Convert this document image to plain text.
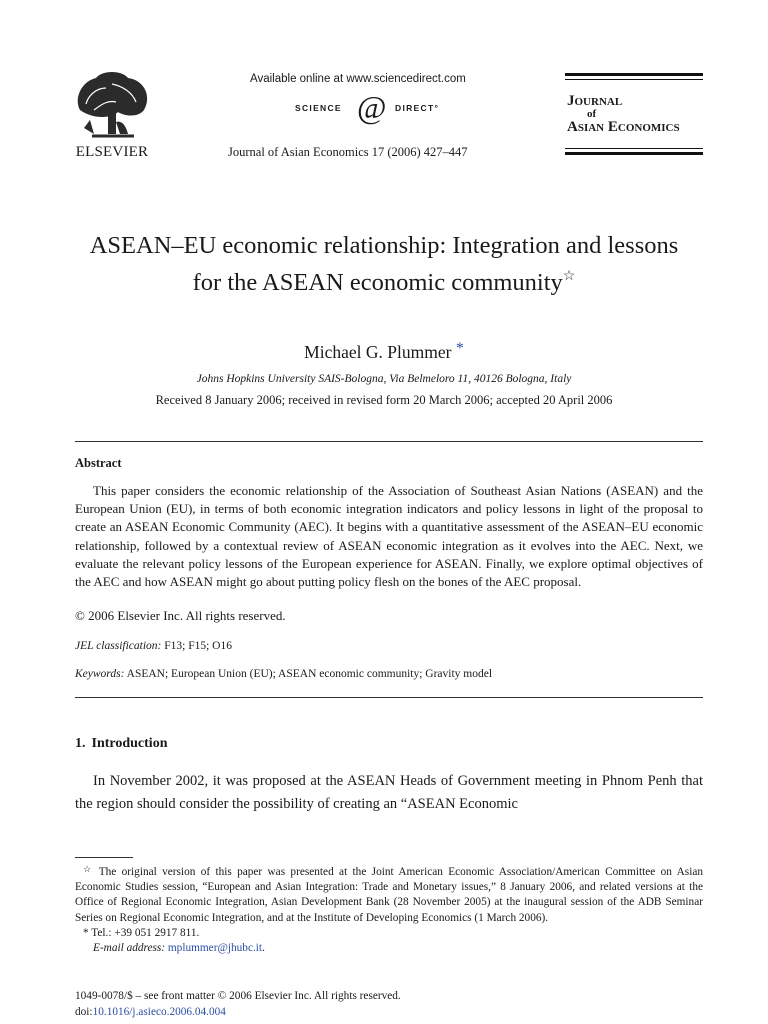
ELSEVIER
Available online at www.sciencedirect.com
SCIENCE @ DIRECT°
Journal of Asian Economics 17 (2006) 427–447
Journal
of
Asian Economics
ASEAN–EU economic relationship: Integration and lessons for the ASEAN economic community☆
Michael G. Plummer *
Johns Hopkins University SAIS-Bologna, Via Belmeloro 11, 40126 Bologna, Italy
Received 8 January 2006; received in revised form 20 March 2006; accepted 20 April 2006
Abstract

This paper considers the economic relationship of the Association of Southeast Asian Nations (ASEAN) and the European Union (EU), in terms of both economic integration indicators and policy lessons in light of the proposal to create an ASEAN Economic Community (AEC). It begins with a quantitative assessment of the ASEAN–EU economic relationship, followed by a contextual review of ASEAN economic integration as it evolves into the AEC. Next, we evaluate the relevant policy lessons of the European experience for ASEAN. Finally, we explore optimal objectives of the AEC and how ASEAN might go about putting policy flesh on the bones of the AEC proposal.

© 2006 Elsevier Inc. All rights reserved.
JEL classification: F13; F15; O16
Keywords: ASEAN; European Union (EU); ASEAN economic community; Gravity model
1. Introduction

In November 2002, it was proposed at the ASEAN Heads of Government meeting in Phnom Penh that the region should consider the possibility of creating an “ASEAN Economic

☆ The original version of this paper was presented at the Joint American Economic Association/American Committee on Asian Economic Studies session, “European and Asian Integration: Trade and Monetary issues,” 8 January 2006, and related versions at the Office of Regional Economic Integration, Asian Development Bank (28 November 2005) at the inaugural session of the ADB Seminar Series on Regional Economic Integration, and at the Institute of Developing Economics (1 March 2006).

* Tel.: +39 051 2917 811.

E-mail address: mplummer@jhubc.it.

1049-0078/$ – see front matter © 2006 Elsevier Inc. All rights reserved.
doi:10.1016/j.asieco.2006.04.004
